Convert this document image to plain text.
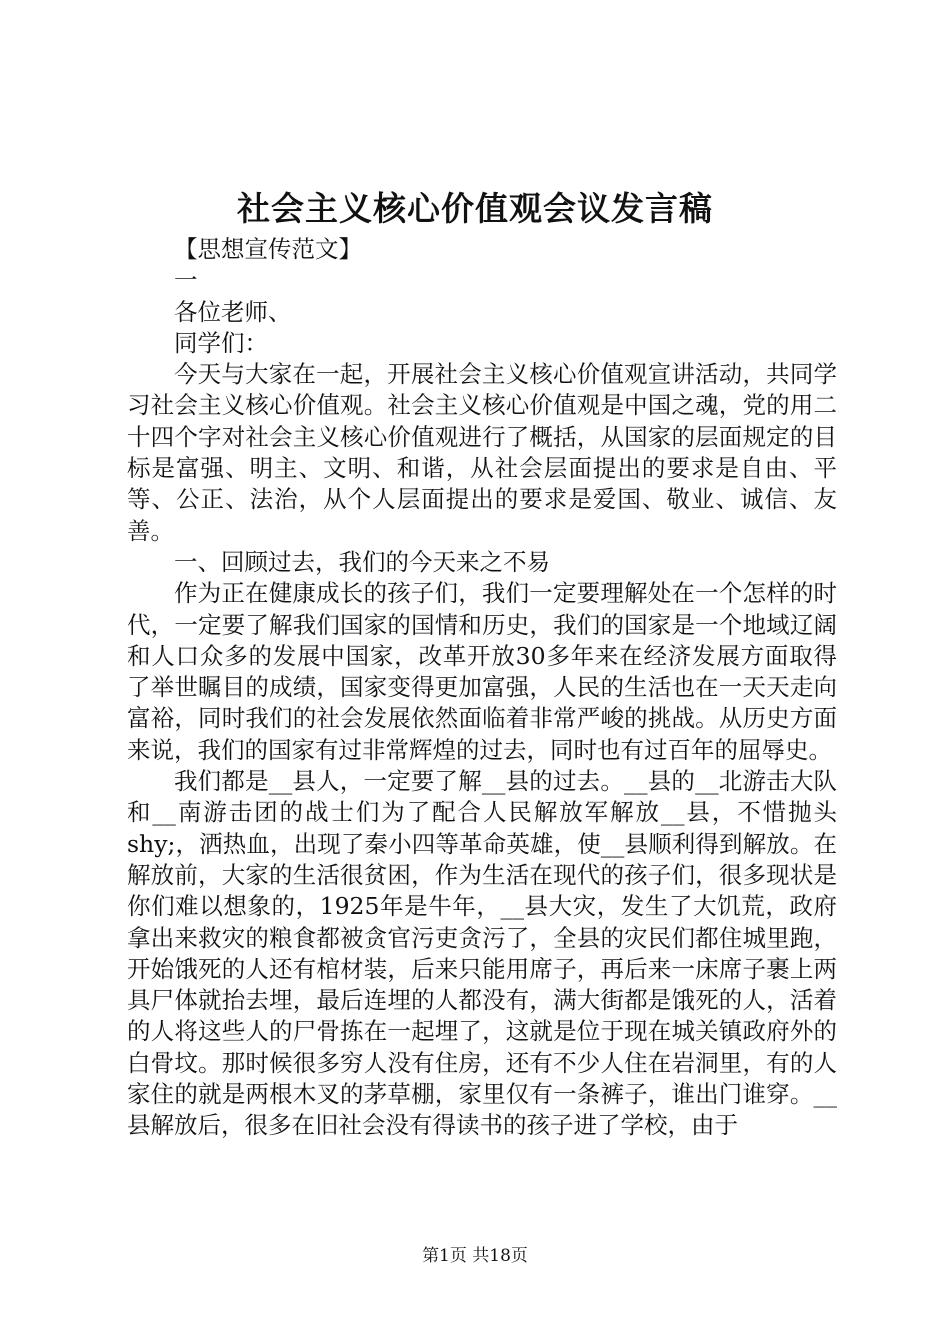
社会主义核心价值观会议发言稿

【思想宣传范文】

一

各位老师、

同学们：

今天与大家在一起，开展社会主义核心价值观宣讲活动，共同学习社会主义核心价值观。社会主义核心价值观是中国之魂，党的用二十四个字对社会主义核心价值观进行了概括，从国家的层面规定的目标是富强、明主、文明、和谐，从社会层面提出的要求是自由、平等、公正、法治，从个人层面提出的要求是爱国、敬业、诚信、友善。

一、回顾过去，我们的今天来之不易

作为正在健康成长的孩子们，我们一定要理解处在一个怎样的时代，一定要了解我们国家的国情和历史，我们的国家是一个地域辽阔和人口众多的发展中国家，改革开放30多年来在经济发展方面取得了举世瞩目的成绩，国家变得更加富强，人民的生活也在一天天走向富裕，同时我们的社会发展依然面临着非常严峻的挑战。从历史方面来说，我们的国家有过非常辉煌的过去，同时也有过百年的屈辱史。

我们都是__县人，一定要了解__县的过去。__县的__北游击大队和__南游击团的战士们为了配合人民解放军解放__县，不惜抛头shy;，洒热血，出现了秦小四等革命英雄，使__县顺利得到解放。在解放前，大家的生活很贫困，作为生活在现代的孩子们，很多现状是你们难以想象的，1925年是牛年，__县大灾，发生了大饥荒，政府拿出来救灾的粮食都被贪官污吏贪污了，全县的灾民们都住城里跑，开始饿死的人还有棺材装，后来只能用席子，再后来一床席子裹上两具尸体就抬去埋，最后连埋的人都没有，满大街都是饿死的人，活着的人将这些人的尸骨拣在一起埋了，这就是位于现在城关镇政府外的白骨坟。那时候很多穷人没有住房，还有不少人住在岩洞里，有的人家住的就是两根木叉的茅草棚，家里仅有一条裤子，谁出门谁穿。__县解放后，很多在旧社会没有得读书的孩子进了学校，由于

第1页 共18页
